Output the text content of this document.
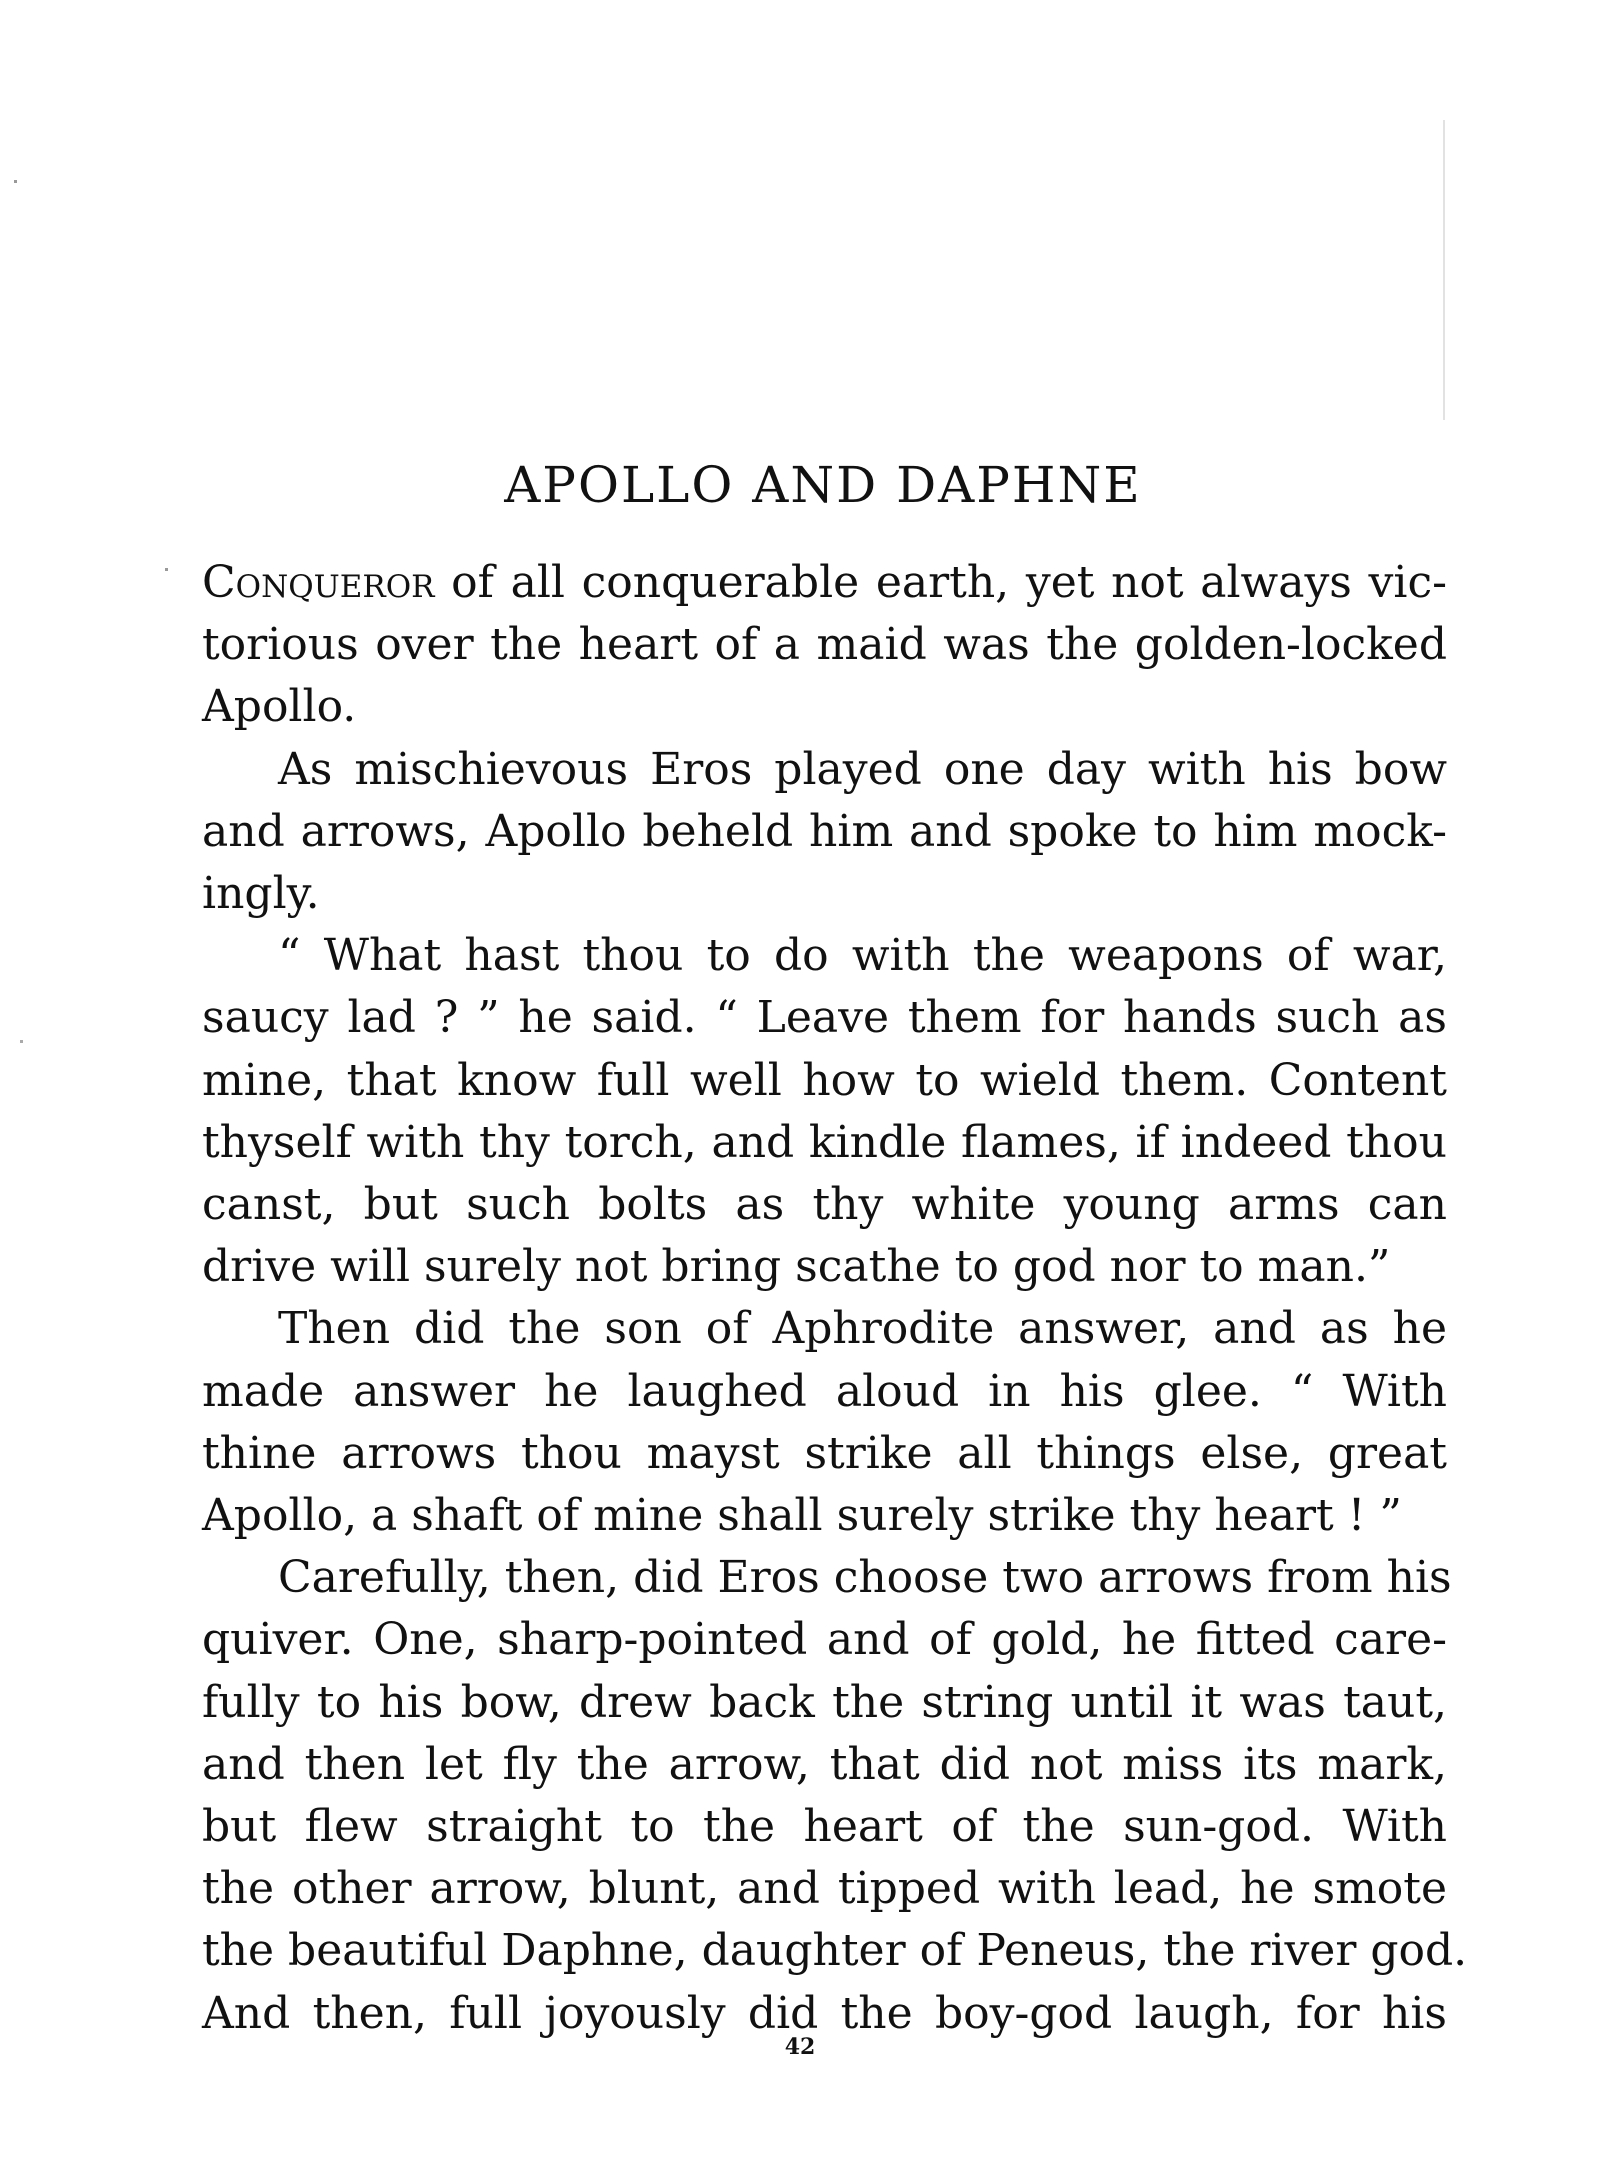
APOLLO AND DAPHNE

Conqueror of all conquerable earth, yet not always vic-
torious over the heart of a maid was the golden-locked
Apollo.

As mischievous Eros played one day with his bow
and arrows, Apollo beheld him and spoke to him mock-
ingly.

“ What hast thou to do with the weapons of war,
saucy lad ? ” he said. “ Leave them for hands such as
mine, that know full well how to wield them. Content
thyself with thy torch, and kindle flames, if indeed thou
canst, but such bolts as thy white young arms can
drive will surely not bring scathe to god nor to man.”

Then did the son of Aphrodite answer, and as he
made answer he laughed aloud in his glee. “ With
thine arrows thou mayst strike all things else, great
Apollo, a shaft of mine shall surely strike thy heart ! ”

Carefully, then, did Eros choose two arrows from his
quiver. One, sharp-pointed and of gold, he fitted care-
fully to his bow, drew back the string until it was taut,
and then let fly the arrow, that did not miss its mark,
but flew straight to the heart of the sun-god. With
the other arrow, blunt, and tipped with lead, he smote
the beautiful Daphne, daughter of Peneus, the river god.
And then, full joyously did the boy-god laugh, for his

42
